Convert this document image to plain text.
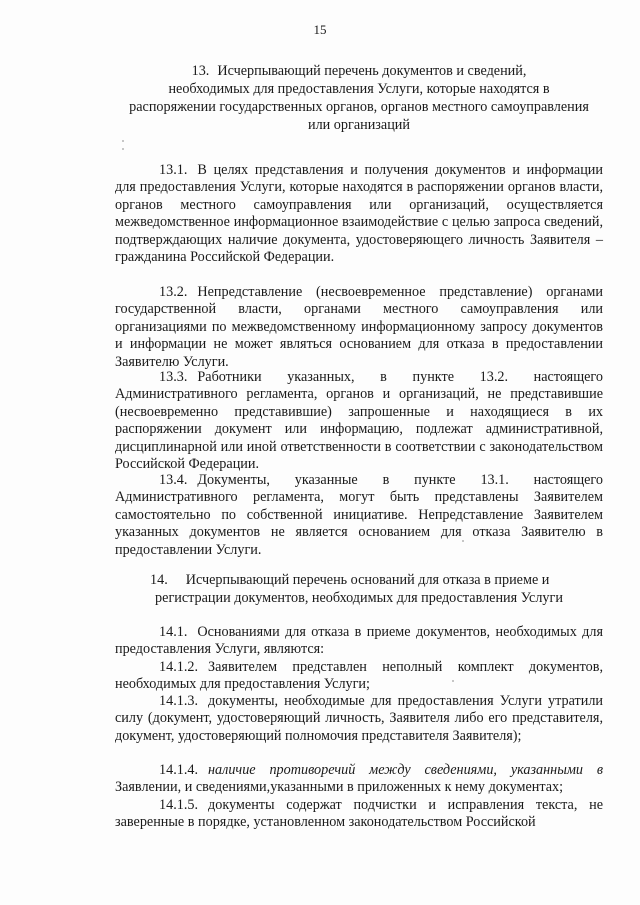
15
13. Исчерпывающий перечень документов и сведений,
необходимых для предоставления Услуги, которые находятся в
распоряжении государственных органов, органов местного самоуправления
или организаций
13.1. В целях представления и получения документов и информации для предоставления Услуги, которые находятся в распоряжении органов власти, органов местного самоуправления или организаций, осуществляется межведомственное информационное взаимодействие с целью запроса сведений, подтверждающих наличие документа, удостоверяющего личность Заявителя –гражданина Российской Федерации.
13.2. Непредставление (несвоевременное представление) органами государственной власти, органами местного самоуправления или организациями по межведомственному информационному запросу документов и информации не может являться основанием для отказа в предоставлении Заявителю Услуги.
13.3. Работники указанных, в пункте 13.2. настоящего Административного регламента, органов и организаций, не представившие (несвоевременно представившие) запрошенные и находящиеся в их распоряжении документ или информацию, подлежат административной, дисциплинарной или иной ответственности в соответствии с законодательством Российской Федерации.
13.4. Документы, указанные в пункте 13.1. настоящего Административного регламента, могут быть представлены Заявителем самостоятельно по собственной инициативе. Непредставление Заявителем указанных документов не является основанием для отказа Заявителю в предоставлении Услуги.
14. Исчерпывающий перечень оснований для отказа в приеме и
регистрации документов, необходимых для предоставления Услуги
14.1. Основаниями для отказа в приеме документов, необходимых для предоставления Услуги, являются:
14.1.2. Заявителем представлен неполный комплект документов, необходимых для предоставления Услуги;
14.1.3. документы, необходимые для предоставления Услуги утратили силу (документ, удостоверяющий личность, Заявителя либо его представителя, документ, удостоверяющий полномочия представителя Заявителя);
14.1.4. наличие противоречий между сведениями, указанными в Заявлении, и сведениями,указанными в приложенных к нему документах;
14.1.5. документы содержат подчистки и исправления текста, не заверенные в порядке, установленном законодательством Российской
